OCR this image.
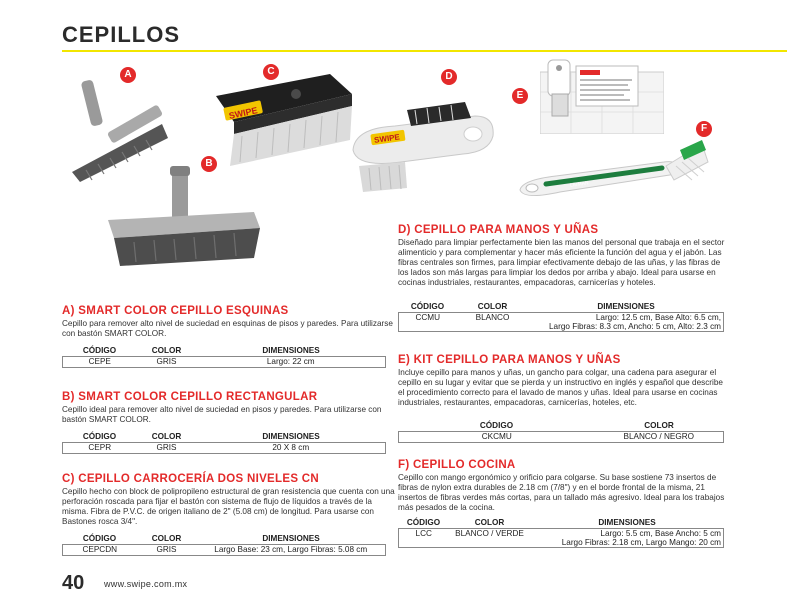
CEPILLOS
A
B
SWIPE
C
SWIPE
D
E
LIBMAN
F
A) SMART COLOR CEPILLO ESQUINAS
Cepillo para remover alto nivel de suciedad en esquinas de pisos y paredes. Para utilizarse con bastón SMART COLOR.
CÓDIGO	COLOR	DIMENSIONES
CEPE	GRIS	Largo: 22 cm
B) SMART COLOR CEPILLO RECTANGULAR
Cepillo ideal para remover alto nivel de suciedad en pisos y paredes. Para utilizarse con bastón SMART COLOR.
CÓDIGO	COLOR	DIMENSIONES
CEPR	GRIS	20 X 8 cm
C) CEPILLO CARROCERÍA DOS NIVELES CN
Cepillo hecho con block de polipropileno estructural de gran resistencia que cuenta con una perforación roscada para fijar el bastón con sistema de flujo de líquidos a través de la misma. Fibra de P.V.C. de origen italiano de 2" (5.08 cm) de longitud. Para usarse con Bastones rosca 3/4".
CÓDIGO	COLOR	DIMENSIONES
CEPCDN	GRIS	Largo Base: 23 cm, Largo Fibras: 5.08 cm
D) CEPILLO PARA MANOS Y UÑAS
Diseñado para limpiar perfectamente bien las manos del personal que trabaja en el sector alimenticio y para complementar y hacer más eficiente la función del agua y el jabón. Las fibras centrales son firmes, para limpiar efectivamente debajo de las uñas, y las fibras de los lados son más largas para limpiar los dedos por arriba y abajo. Ideal para usarse en cocinas industriales, restaurantes, empacadoras, carnicerías y hoteles.
CÓDIGO	COLOR	DIMENSIONES
CCMU	BLANCO	Largo: 12.5 cm, Base Alto: 6.5 cm,
Largo Fibras: 8.3 cm, Ancho: 5 cm, Alto: 2.3 cm
E) KIT CEPILLO PARA MANOS Y UÑAS
Incluye cepillo para manos y uñas, un gancho para colgar, una cadena para asegurar el cepillo en su lugar y evitar que se pierda y un instructivo en inglés y español que describe el procedimiento correcto para el lavado de manos y uñas. Ideal para usarse en cocinas industriales, restaurantes, empacadoras, carnicerías, hoteles, etc.
CÓDIGO	COLOR
CKCMU	BLANCO / NEGRO
F) CEPILLO COCINA
Cepillo con mango ergonómico y orificio para colgarse. Su base sostiene 73 insertos de fibras de nylon extra durables de 2.18 cm (7/8") y en el borde frontal de la misma, 21 insertos de fibras verdes más cortas, para un tallado más agresivo. Ideal para los trabajos más pesados de la cocina.
CÓDIGO	COLOR	DIMENSIONES
LCC	BLANCO / VERDE	Largo: 5.5 cm, Base Ancho: 5 cm
Largo Fibras: 2.18 cm, Largo Mango: 20 cm
40 www.swipe.com.mx
